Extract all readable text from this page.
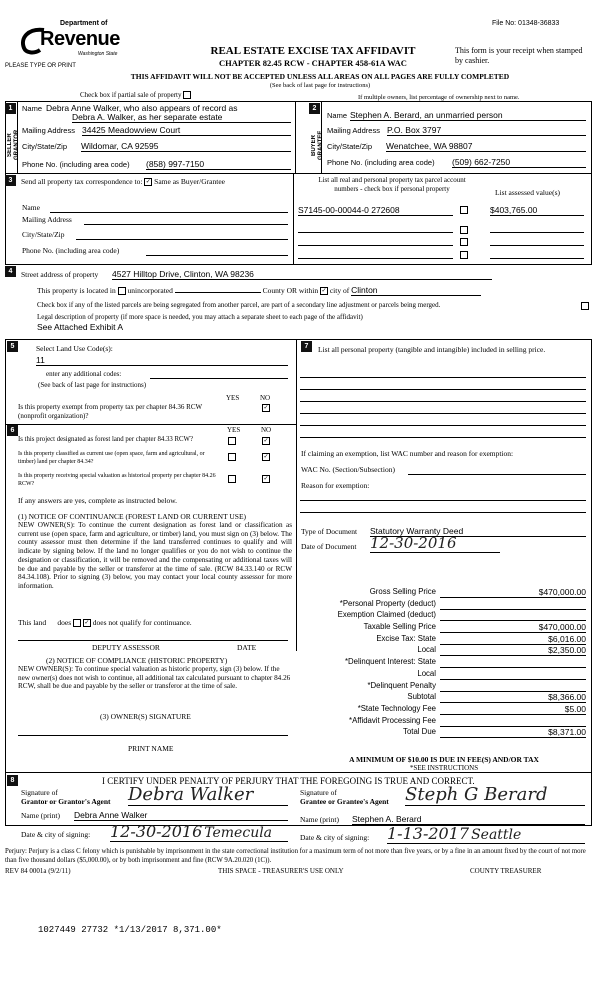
File No: 01348-36833
Department of
Revenue
Washington State
PLEASE TYPE OR PRINT
REAL ESTATE EXCISE TAX AFFIDAVIT
CHAPTER 82.45 RCW - CHAPTER 458-61A WAC
This form is your receipt when stamped by cashier.
THIS AFFIDAVIT WILL NOT BE ACCEPTED UNLESS ALL AREAS ON ALL PAGES ARE FULLY COMPLETED
(See back of last page for instructions)
Check box if partial sale of property	If multiple owners, list percentage of ownership next to name.
1
SELLER GRANTOR
Name Debra Anne Walker, who also appears of record as
Debra A. Walker, as her separate estate
Mailing Address 34425 Meadowview Court
City/State/Zip Wildomar, CA 92595
Phone No. (including area code) (858) 997-7150
2
BUYER GRANTEE
Name Stephen A. Berard, an unmarried person
Mailing Address P.O. Box 3797
City/State/Zip Wenatchee, WA 98807
Phone No. (including area code) (509) 662-7250
3	Send all property tax correspondence to: ✓ Same as Buyer/Grantee
Name
Mailing Address
City/State/Zip
Phone No. (including area code)
List all real and personal property tax parcel account
numbers - check box if personal property	List assessed value(s)
S7145-00-00044-0 272608	$403,765.00
4	Street address of property 4527 Hilltop Drive, Clinton, WA 98236
This property is located in unincorporated	County OR within ✓ city of Clinton
Check box if any of the listed parcels are being segregated from another parcel, are part of a secondary line adjustment or parcels being merged.
Legal description of property (if more space is needed, you may attach a separate sheet to each page of the affidavit)
See Attached Exhibit A
5	Select Land Use Code(s):
11
enter any additional codes:
(See back of last page for instructions)
YES	NO
Is this property exempt from property tax per chapter 84.36 RCW (nonprofit organization)?
✓
6	YES	NO
Is this project designated as forest land per chapter 84.33 RCW?	✓
Is this property classified as current use (open space, farm and agricultural, or timber) land per chapter 84.34?
✓
Is this property receiving special valuation as historical property per chapter 84.26 RCW?
✓
If any answers are yes, complete as instructed below.
(1) NOTICE OF CONTINUANCE (FOREST LAND OR CURRENT USE)
NEW OWNER(S): To continue the current designation as forest land or classification as current use (open space, farm and agriculture, or timber) land, you must sign on (3) below. The county assessor must then determine if the land transferred continues to qualify and will indicate by signing below. If the land no longer qualifies or you do not wish to continue the designation or classification, it will be removed and the compensating or additional taxes will be due and payable by the seller or transferor at the time of sale. (RCW 84.33.140 or RCW 84.34.108). Prior to signing (3) below, you may contact your local county assessor for more information.
This land does ✓ does not qualify for continuance.
DEPUTY ASSESSOR	DATE
(2) NOTICE OF COMPLIANCE (HISTORIC PROPERTY)
NEW OWNER(S): To continue special valuation as historic property, sign (3) below. If the new owner(s) does not wish to continue, all additional tax calculated pursuant to chapter 84.26 RCW, shall be due and payable by the seller or transferor at the time of sale.
(3) OWNER(S) SIGNATURE
PRINT NAME
7	List all personal property (tangible and intangible) included in selling price.
If claiming an exemption, list WAC number and reason for exemption:
WAC No. (Section/Subsection)
Reason for exemption:
Type of Document Statutory Warranty Deed
Date of Document 12-30-2016
Gross Selling Price	$470,000.00
*Personal Property (deduct)
Exemption Claimed (deduct)
Taxable Selling Price	$470,000.00
Excise Tax: State	$6,016.00
Local	$2,350.00
*Delinquent Interest: State
Local
*Delinquent Penalty
Subtotal	$8,366.00
*State Technology Fee	$5.00
*Affidavit Processing Fee
Total Due	$8,371.00
A MINIMUM OF $10.00 IS DUE IN FEE(S) AND/OR TAX
*SEE INSTRUCTIONS
8	I CERTIFY UNDER PENALTY OF PERJURY THAT THE FOREGOING IS TRUE AND CORRECT.
Signature of
Grantor or Grantor's Agent Debra Walker
Name (print) Debra Anne Walker
Date & city of signing: 12-30-2016 Temecula
Signature of
Grantee or Grantee's Agent Steph G Berard
Name (print) Stephen A. Berard
Date & city of signing: 1-13-2017 Seattle
Perjury: Perjury is a class C felony which is punishable by imprisonment in the state correctional institution for a maximum term of not more than five years, or by a fine in an amount fixed by the court of not more than five thousand dollars ($5,000.00), or by both imprisonment and fine (RCW 9A.20.020 (1C)).
REV 84 0001a (9/2/11)	THIS SPACE - TREASURER'S USE ONLY	COUNTY TREASURER
1027449 27732 *1/13/2017 8,371.00*
